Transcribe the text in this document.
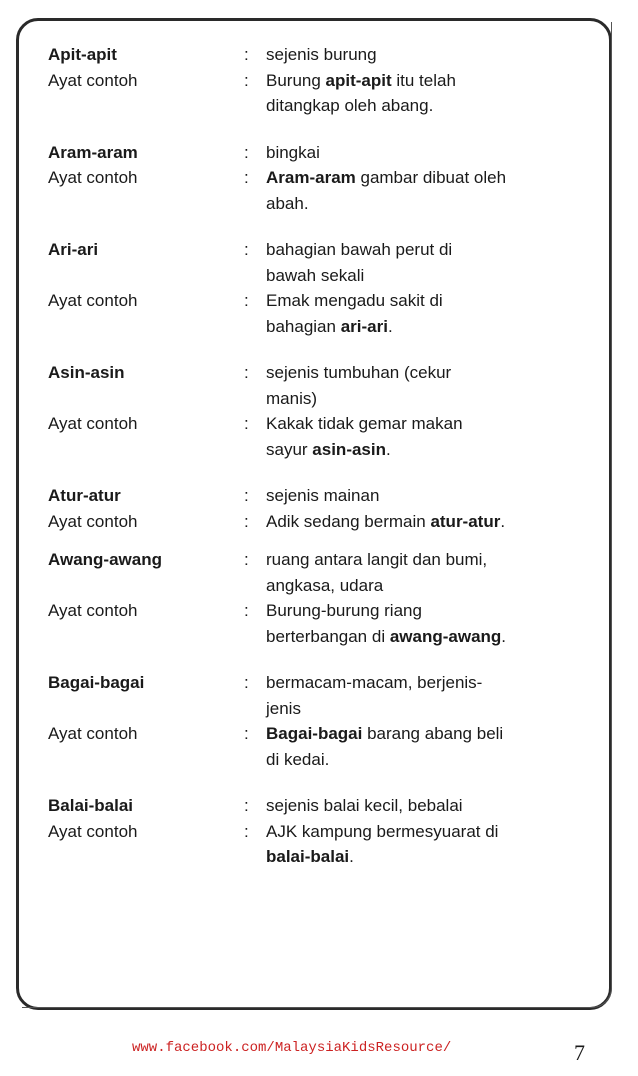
Apit-apit	:	sejenis burung
Ayat contoh	:	Burung apit-apit itu telah
ditangkap oleh abang.
Aram-aram	:	bingkai
Ayat contoh	:	Aram-aram gambar dibuat oleh
abah.
Ari-ari	:	bahagian bawah perut di
bawah sekali
Ayat contoh	:	Emak mengadu sakit di
bahagian ari-ari.
Asin-asin	:	sejenis tumbuhan (cekur
manis)
Ayat contoh	:	Kakak tidak gemar makan
sayur asin-asin.
Atur-atur	:	sejenis mainan
Ayat contoh	:	Adik sedang bermain atur-atur.
Awang-awang	:	ruang antara langit dan bumi,
angkasa, udara
Ayat contoh	:	Burung-burung riang
berterbangan di awang-awang.
Bagai-bagai	:	bermacam-macam, berjenis-
jenis
Ayat contoh	:	Bagai-bagai barang abang beli
di kedai.
Balai-balai	:	sejenis balai kecil, bebalai
Ayat contoh	:	AJK kampung bermesyuarat di
balai-balai.
www.facebook.com/MalaysiaKidsResource/	7
